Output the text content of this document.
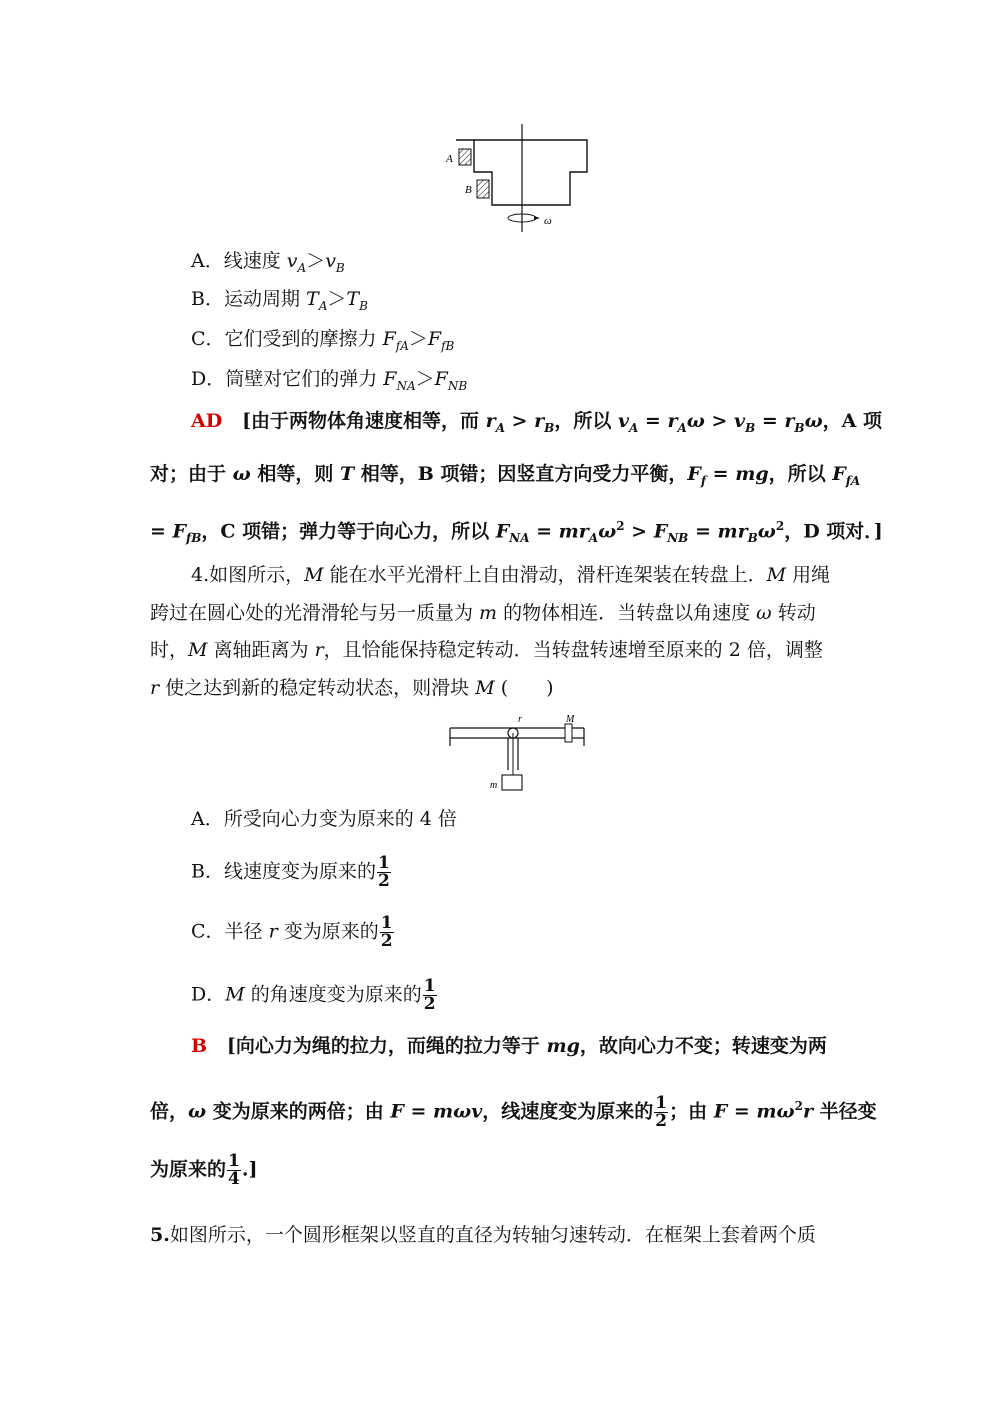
A
B
ω
A．线速度 $v_A>v_B$
B．运动周期 $T_A>T_B$
C．它们受到的摩擦力 $F_{fA}>F_{fB}$
D．筒壁对它们的弹力 $F_{NA}>F_{NB}$
AD   [由于两物体角速度相等，而 $r_A > r_B$，所以 $v_A = r_A\omega > v_B = r_B\omega$，A 项
对；由于 ω 相等，则 T 相等，B 项错；因竖直方向受力平衡，$F_f$ = mg，所以 $F_{fA}$
= $F_{fB}$，C 项错；弹力等于向心力，所以 $F_{NA} = mr_A\omega^2 > F_{NB} = mr_B\omega^2$，D 项对．]
4.如图所示，M 能在水平光滑杆上自由滑动，滑杆连架装在转盘上．M 用绳
跨过在圆心处的光滑滑轮与另一质量为 m 的物体相连．当转盘以角速度 ω 转动
时，M 离轴距离为 r，且恰能保持稳定转动．当转盘转速增至原来的 2 倍，调整
r 使之达到新的稳定转动状态，则滑块 M (　　)
r	M
m
A．所受向心力变为原来的 4 倍
B．线速度变为原来的 $\frac{1}{2}$
C．半径 r 变为原来的 $\frac{1}{2}$
D．M 的角速度变为原来的 $\frac{1}{2}$
B   [向心力为绳的拉力，而绳的拉力等于 mg，故向心力不变；转速变为两
倍，ω 变为原来的两倍；由 F = mωv，线速度变为原来的 $\frac{1}{2}$ ；由 $F = m\omega^2r$ 半径变
为原来的 $\frac{1}{4}$ .]
5.如图所示，一个圆形框架以竖直的直径为转轴匀速转动．在框架上套着两个质
